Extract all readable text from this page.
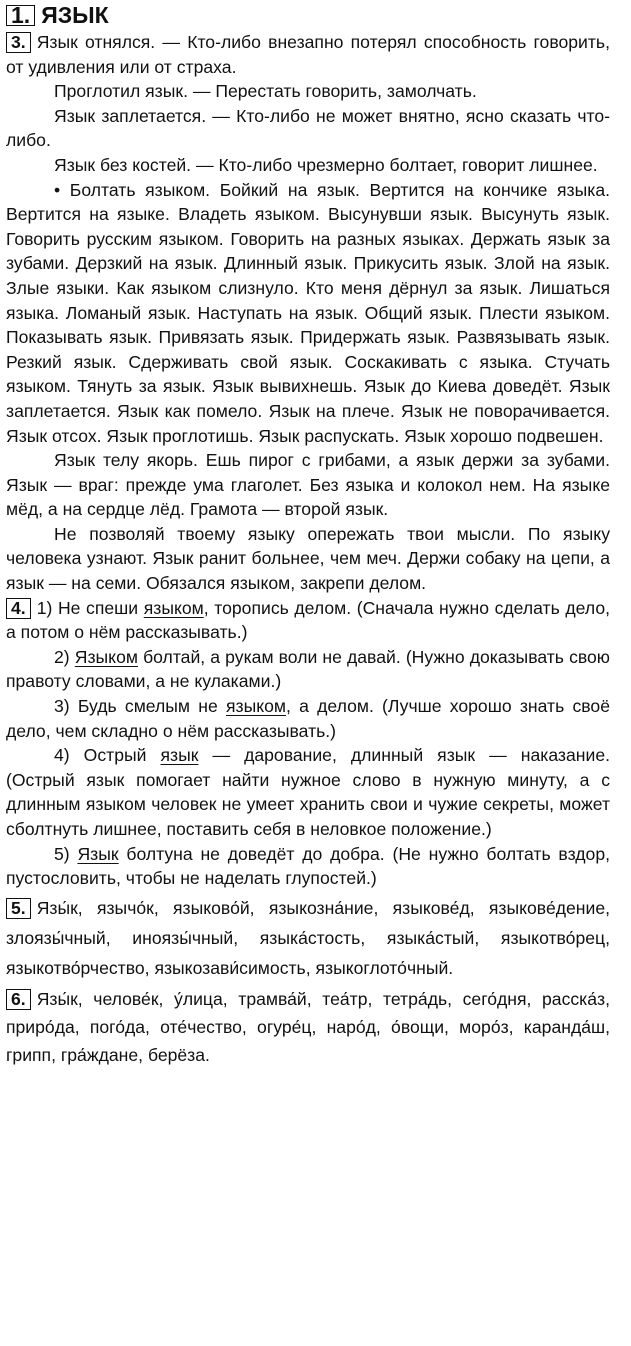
1. ЯЗЫК

3. Язык отнялся. — Кто-либо внезапно потерял способность говорить, от удивления или от страха.

Проглотил язык. — Перестать говорить, замолчать.

Язык заплетается. — Кто-либо не может внятно, ясно сказать что-либо.

Язык без костей. — Кто-либо чрезмерно болтает, говорит лишнее.

• Болтать языком. Бойкий на язык. Вертится на кончике языка. Вертится на языке. Владеть языком. Высунувши язык. Высунуть язык. Говорить русским языком. Говорить на разных языках. Держать язык за зубами. Дерзкий на язык. Длинный язык. Прикусить язык. Злой на язык. Злые языки. Как языком слизнуло. Кто меня дёрнул за язык. Лишаться языка. Ломаный язык. Наступать на язык. Общий язык. Плести языком. Показывать язык. Привязать язык. Придержать язык. Развязывать язык. Резкий язык. Сдерживать свой язык. Соскакивать с языка. Стучать языком. Тянуть за язык. Язык вывихнешь. Язык до Киева доведёт. Язык заплетается. Язык как помело. Язык на плече. Язык не поворачивается. Язык отсох. Язык проглотишь. Язык распускать. Язык хорошо подвешен.

Язык телу якорь. Ешь пирог с грибами, а язык держи за зубами. Язык — враг: прежде ума глаголет. Без языка и колокол нем. На языке мёд, а на сердце лёд. Грамота — второй язык.

Не позволяй твоему языку опережать твои мысли. По языку человека узнают. Язык ранит больнее, чем меч. Держи собаку на цепи, а язык — на семи. Обязался языком, закрепи делом.

4. 1) Не спеши языком, торопись делом. (Сначала нужно сделать дело, а потом о нём рассказывать.)

2) Языком болтай, а рукам воли не давай. (Нужно доказывать свою правоту словами, а не кулаками.)

3) Будь смелым не языком, а делом. (Лучше хорошо знать своё дело, чем складно о нём рассказывать.)

4) Острый язык — дарование, длинный язык — наказание. (Острый язык помогает найти нужное слово в нужную минуту, а с длинным языком человек не умеет хранить свои и чужие секреты, может сболтнуть лишнее, поставить себя в неловкое положение.)

5) Язык болтуна не доведёт до добра. (Не нужно болтать вздор, пустословить, чтобы не наделать глупостей.)

5. Язы́к, язычо́к, языково́й, языкозна́ние, языкове́д, языкове́дение, злоязы́чный, иноязы́чный, языка́стость, языка́стый, языкотво́рец, языкотво́рчество, языкозави́симость, языкоглото́чный.

6. Язы́к, челове́к, у́лица, трамва́й, теа́тр, тетра́дь, сего́дня, расска́з, приро́да, пого́да, оте́чество, огуре́ц, наро́д, о́вощи, моро́з, каранда́ш, грипп, гра́ждане, берёза.
